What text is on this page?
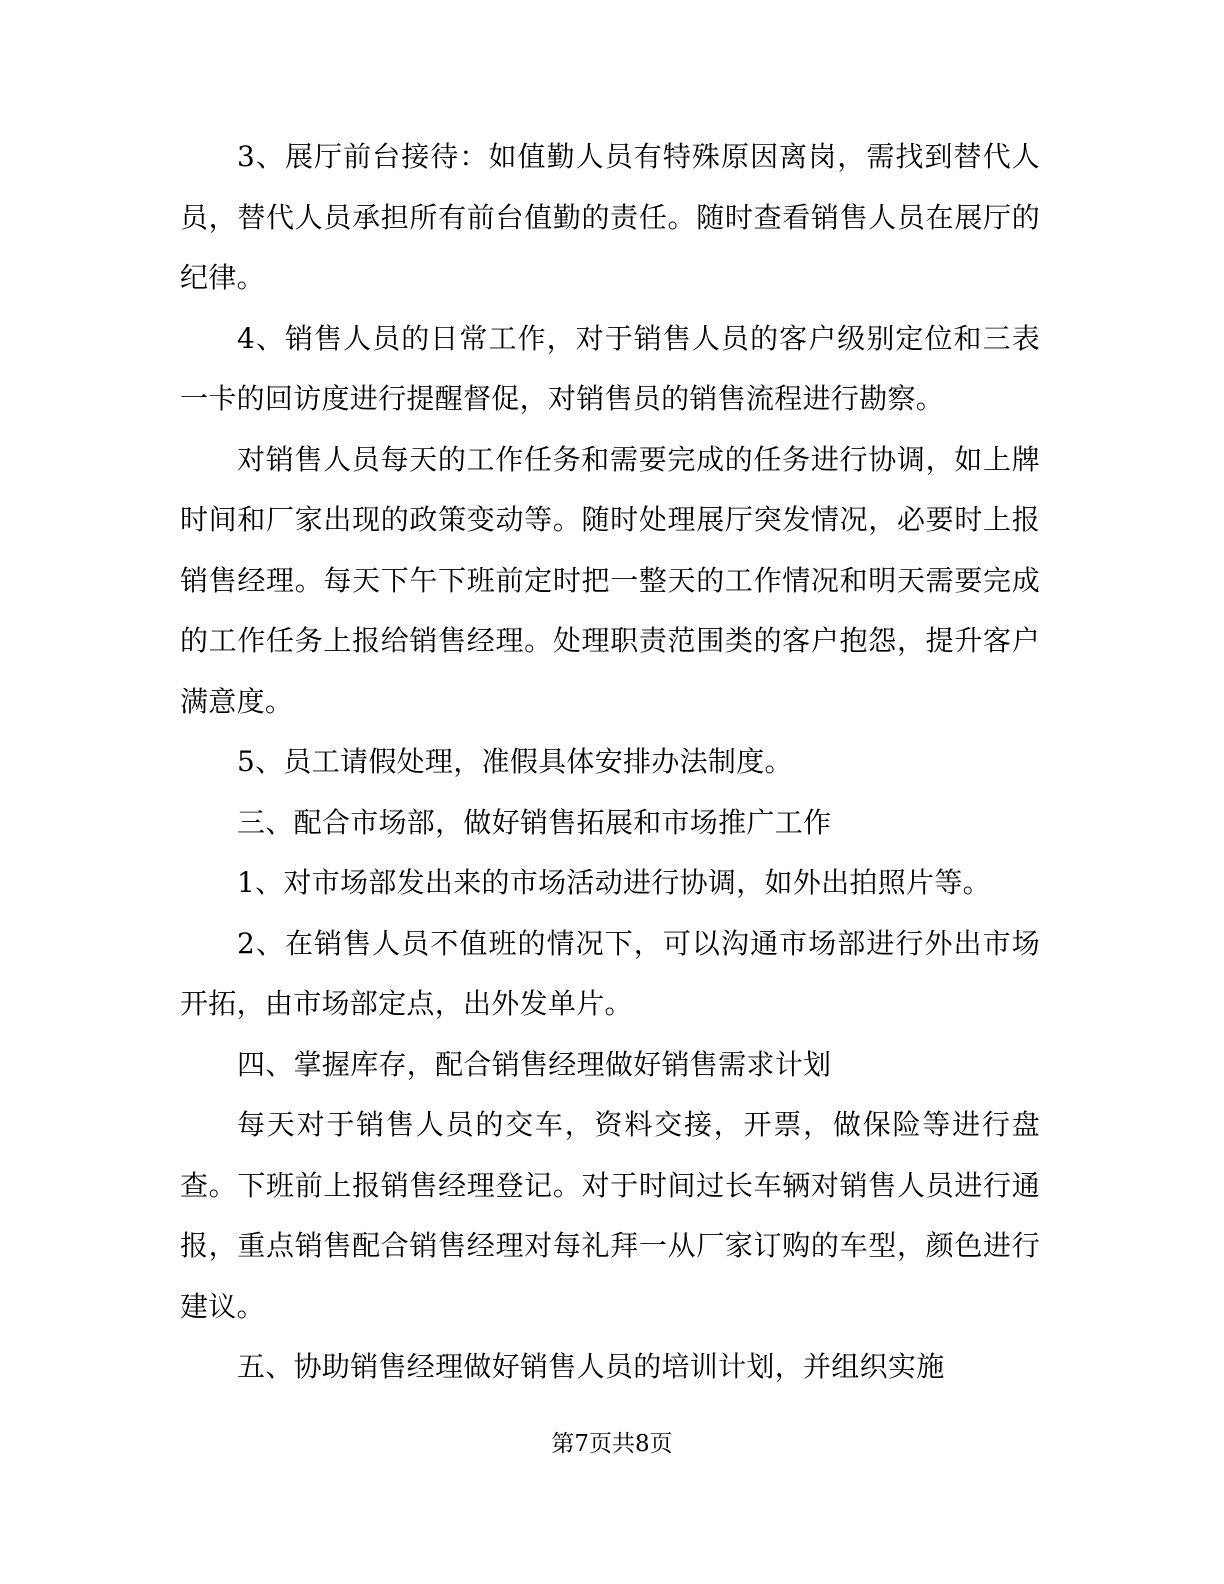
3、展厅前台接待：如值勤人员有特殊原因离岗，需找到替代人员，替代人员承担所有前台值勤的责任。随时查看销售人员在展厅的纪律。

4、销售人员的日常工作，对于销售人员的客户级别定位和三表一卡的回访度进行提醒督促，对销售员的销售流程进行勘察。

对销售人员每天的工作任务和需要完成的任务进行协调，如上牌时间和厂家出现的政策变动等。随时处理展厅突发情况，必要时上报销售经理。每天下午下班前定时把一整天的工作情况和明天需要完成的工作任务上报给销售经理。处理职责范围类的客户抱怨，提升客户满意度。

5、员工请假处理，准假具体安排办法制度。

三、配合市场部，做好销售拓展和市场推广工作

1、对市场部发出来的市场活动进行协调，如外出拍照片等。

2、在销售人员不值班的情况下，可以沟通市场部进行外出市场开拓，由市场部定点，出外发单片。

四、掌握库存，配合销售经理做好销售需求计划

每天对于销售人员的交车，资料交接，开票，做保险等进行盘查。下班前上报销售经理登记。对于时间过长车辆对销售人员进行通报，重点销售配合销售经理对每礼拜一从厂家订购的车型，颜色进行建议。

五、协助销售经理做好销售人员的培训计划，并组织实施

第7页共8页
